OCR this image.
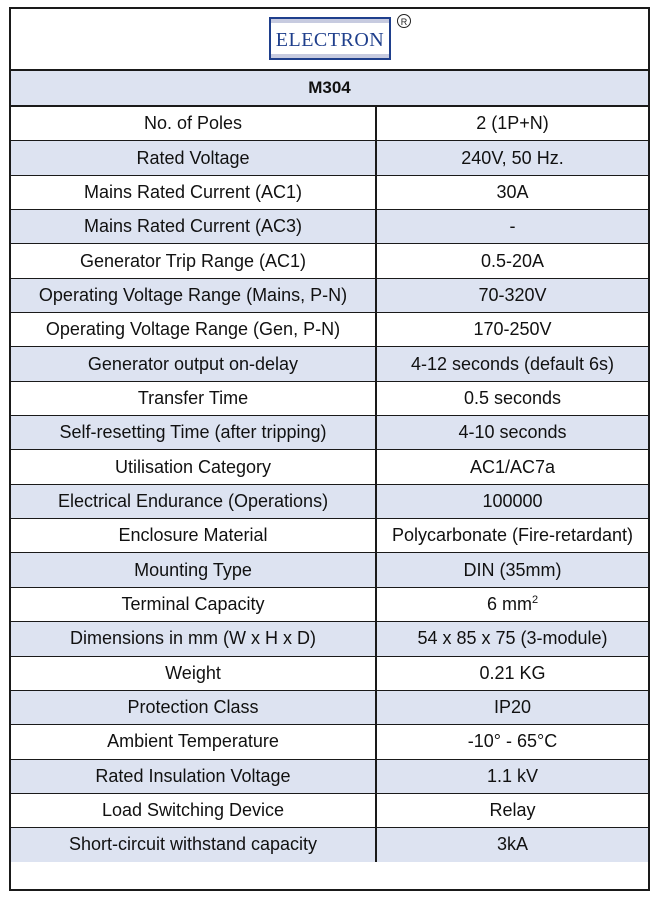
ELECTRON
R
M304
No. of Poles	2 (1P+N)
Rated Voltage	240V, 50 Hz.
Mains Rated Current (AC1)	30A
Mains Rated Current (AC3)	-
Generator Trip Range (AC1)	0.5-20A
Operating Voltage Range (Mains, P-N)	70-320V
Operating Voltage Range (Gen, P-N)	170-250V
Generator output on-delay	4-12 seconds (default 6s)
Transfer Time	0.5 seconds
Self-resetting Time (after tripping)	4-10 seconds
Utilisation Category	AC1/AC7a
Electrical Endurance (Operations)	100000
Enclosure Material	Polycarbonate (Fire-retardant)
Mounting Type	DIN (35mm)
Terminal Capacity	6 $mm^2$
Dimensions in mm (W x H x D)	54 x 85 x 75 (3-module)
Weight	0.21 KG
Protection Class	IP20
Ambient Temperature	-10° - 65°C
Rated Insulation Voltage	1.1 kV
Load Switching Device	Relay
Short-circuit withstand capacity	3kA
